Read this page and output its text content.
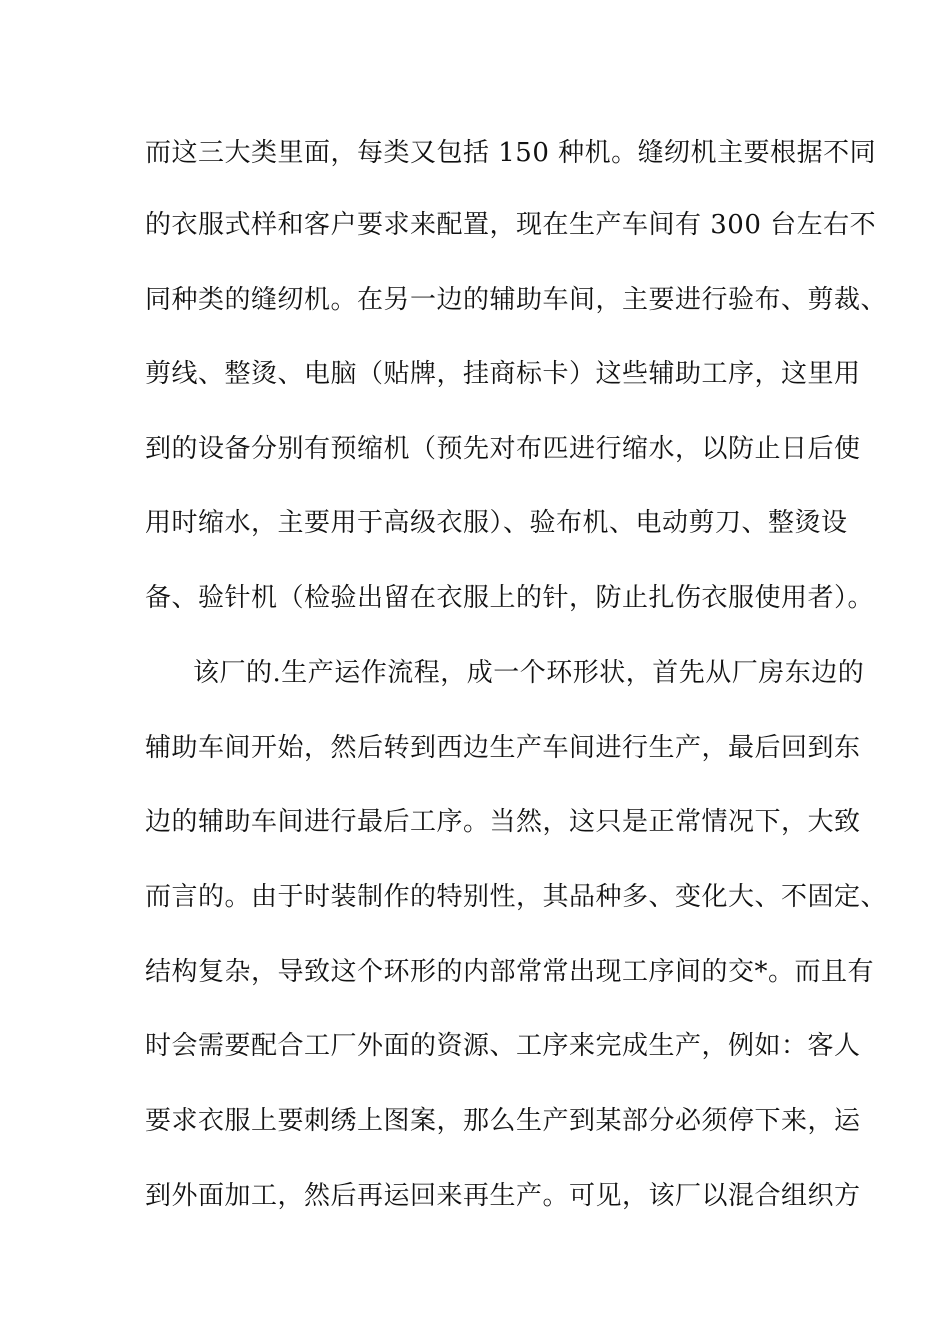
而这三大类里面，每类又包括 150 种机。缝纫机主要根据不同

的衣服式样和客户要求来配置，现在生产车间有 300 台左右不

同种类的缝纫机。在另一边的辅助车间，主要进行验布、剪裁、

剪线、整烫、电脑（贴牌，挂商标卡）这些辅助工序，这里用

到的设备分别有预缩机（预先对布匹进行缩水，以防止日后使

用时缩水，主要用于高级衣服）、验布机、电动剪刀、整烫设

备、验针机（检验出留在衣服上的针，防止扎伤衣服使用者）。

该厂的.生产运作流程，成一个环形状，首先从厂房东边的

辅助车间开始，然后转到西边生产车间进行生产，最后回到东

边的辅助车间进行最后工序。当然，这只是正常情况下，大致

而言的。由于时装制作的特别性，其品种多、变化大、不固定、

结构复杂，导致这个环形的内部常常出现工序间的交*。而且有

时会需要配合工厂外面的资源、工序来完成生产，例如：客人

要求衣服上要刺绣上图案，那么生产到某部分必须停下来，运

到外面加工，然后再运回来再生产。可见，该厂以混合组织方
